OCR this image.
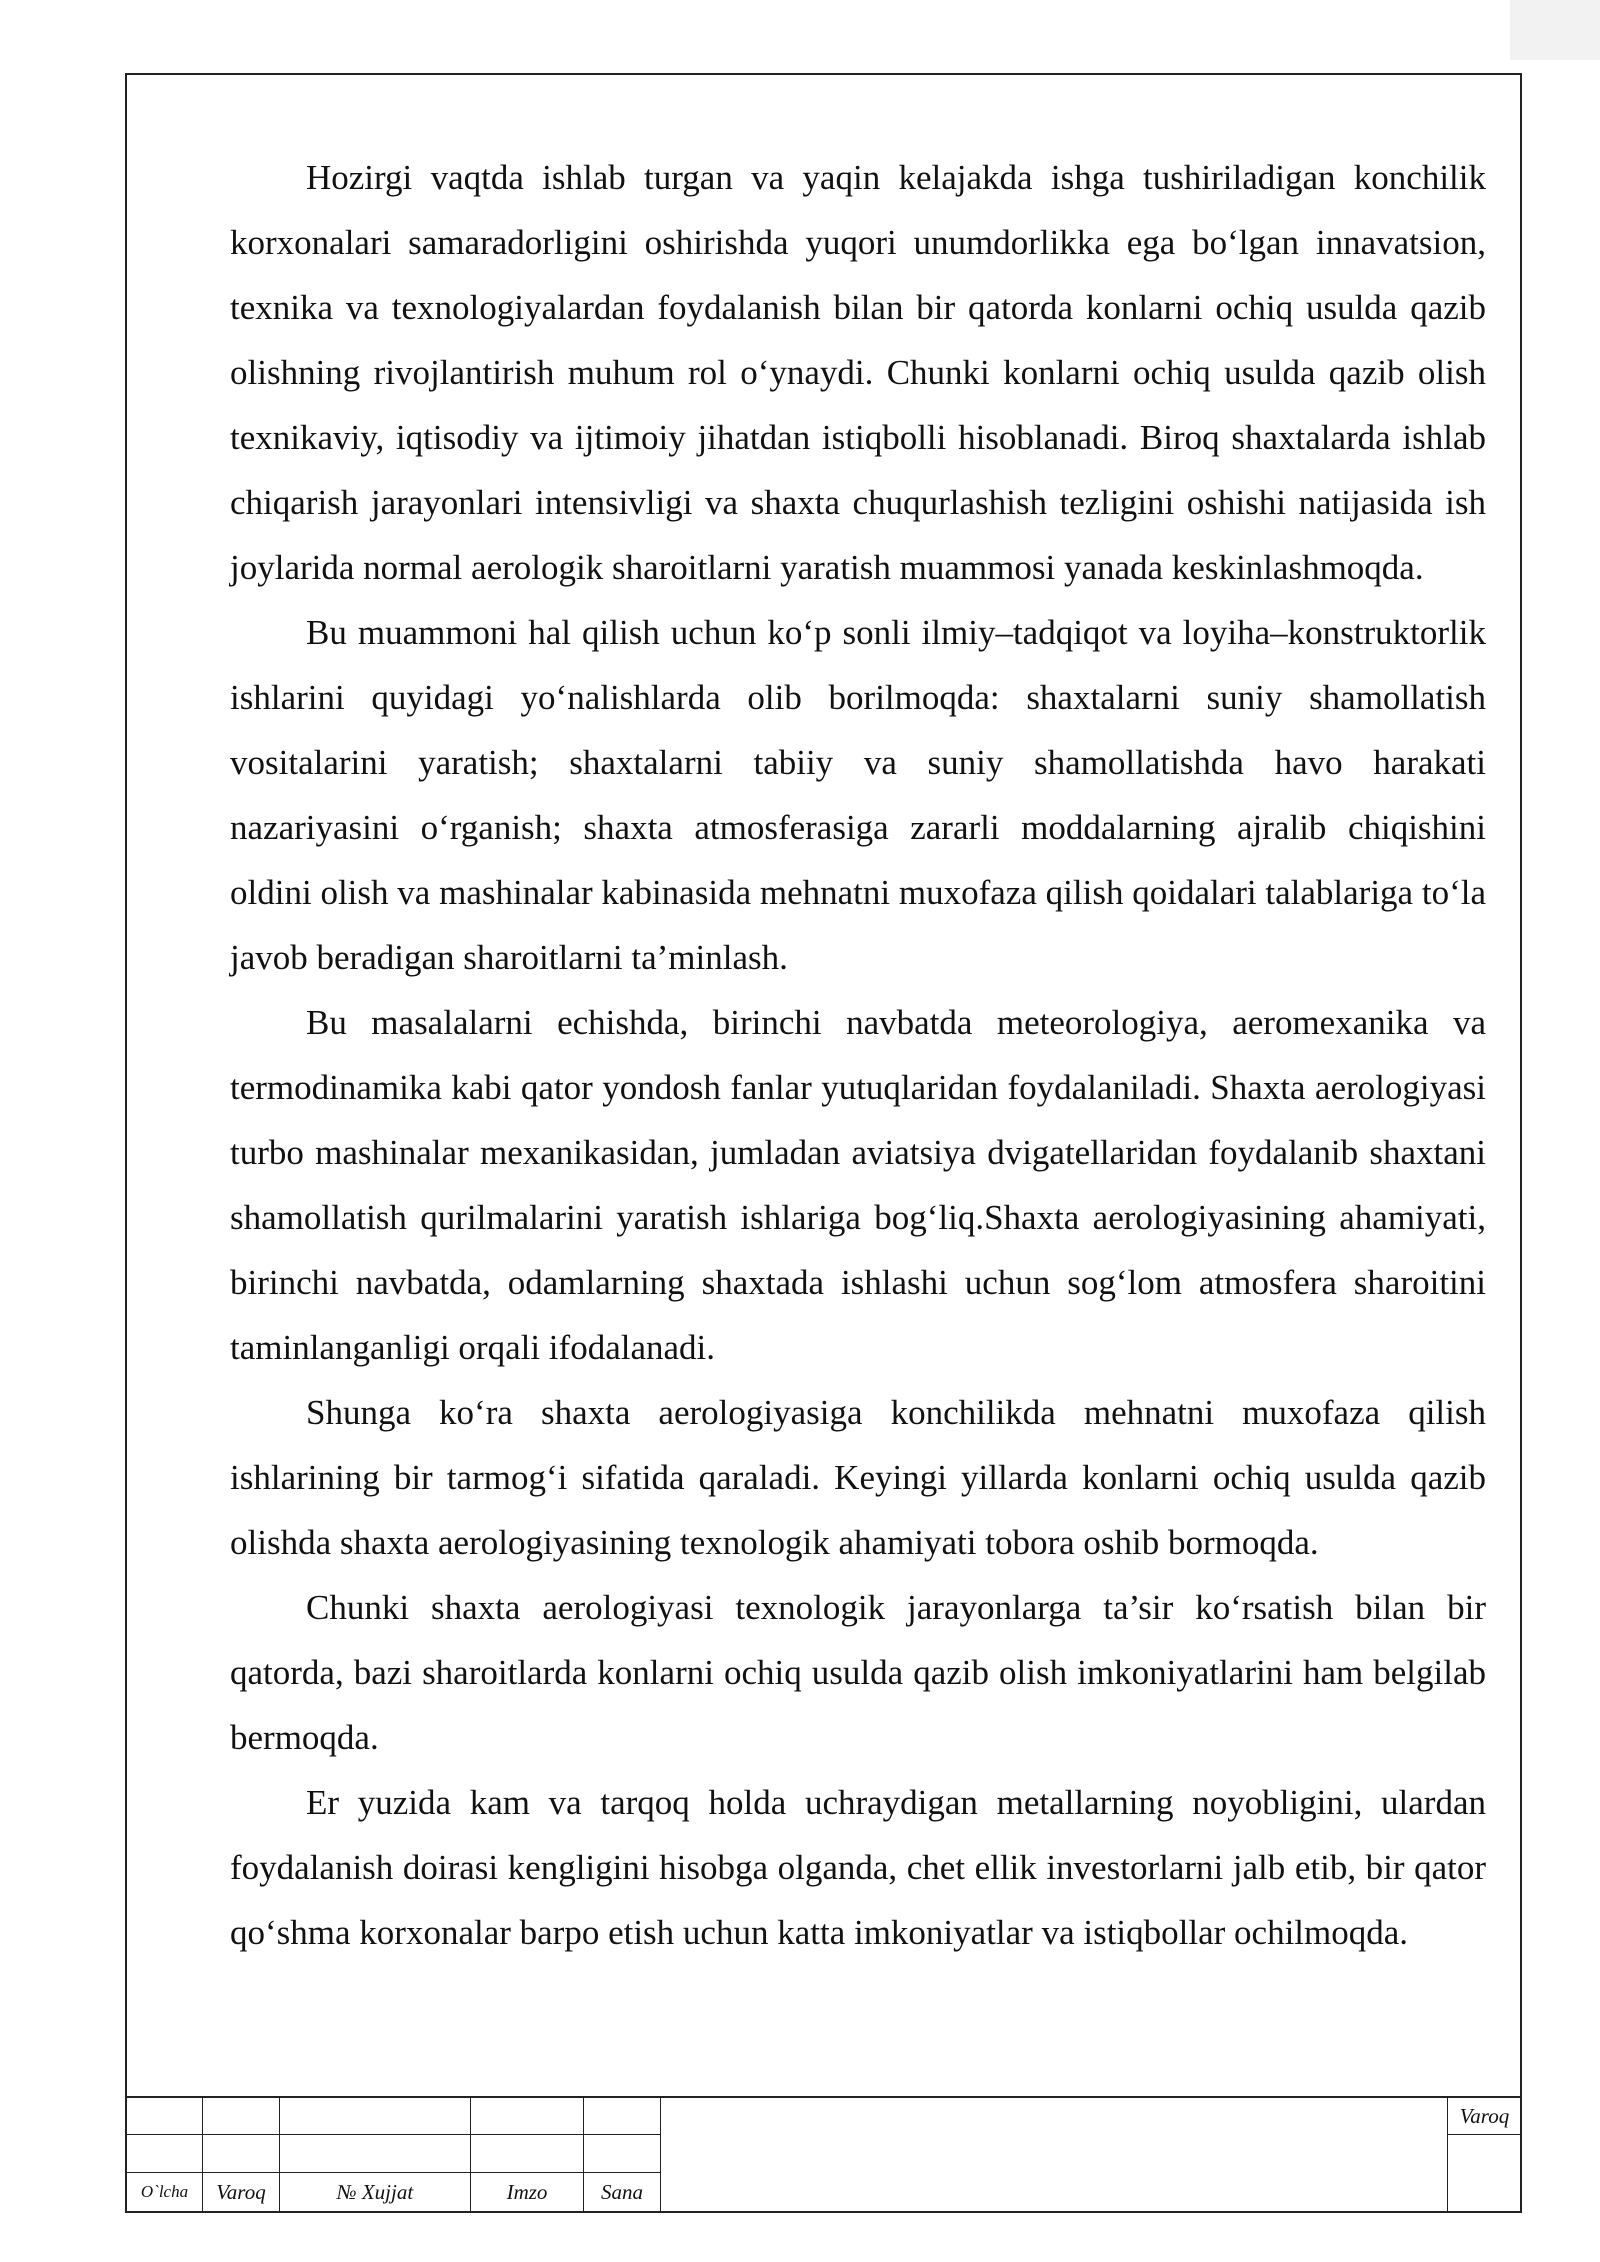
Hozirgi vaqtda ishlab turgan va yaqin kelajakda ishga tushiriladigan konchilik korxonalari samaradorligini oshirishda yuqori unumdorlikka ega bo‘lgan innavatsion, texnika va texnologiyalardan foydalanish bilan bir qatorda konlarni ochiq usulda qazib olishning rivojlantirish muhum rol o‘ynaydi. Chunki konlarni ochiq usulda qazib olish texnikaviy, iqtisodiy va ijtimoiy jihatdan istiqbolli hisoblanadi. Biroq shaxtalarda ishlab chiqarish jarayonlari intensivligi va shaxta chuqurlashish tezligini oshishi natijasida ish joylarida normal aerologik sharoitlarni yaratish muammosi yanada keskinlashmoqda.

Bu muammoni hal qilish uchun ko‘p sonli ilmiy–tadqiqot va loyiha–konstruktorlik ishlarini quyidagi yo‘nalishlarda olib borilmoqda: shaxtalarni suniy shamollatish vositalarini yaratish; shaxtalarni tabiiy va suniy shamollatishda havo harakati nazariyasini o‘rganish; shaxta atmosferasiga zararli moddalarning ajralib chiqishini oldini olish va mashinalar kabinasida mehnatni muxofaza qilish qoidalari talablariga to‘la javob beradigan sharoitlarni ta’minlash.

Bu masalalarni echishda, birinchi navbatda meteorologiya, aeromexanika va termodinamika kabi qator yondosh fanlar yutuqlaridan foydalaniladi. Shaxta aerologiyasi turbo mashinalar mexanikasidan, jumladan aviatsiya dvigatellaridan foydalanib shaxtani shamollatish qurilmalarini yaratish ishlariga bog‘liq.Shaxta aerologiyasining ahamiyati, birinchi navbatda, odamlarning shaxtada ishlashi uchun sog‘lom atmosfera sharoitini taminlanganligi orqali ifodalanadi.

Shunga ko‘ra shaxta aerologiyasiga konchilikda mehnatni muxofaza qilish ishlarining bir tarmog‘i sifatida qaraladi. Keyingi yillarda konlarni ochiq usulda qazib olishda shaxta aerologiyasining texnologik ahamiyati tobora oshib bormoqda.

Chunki shaxta aerologiyasi texnologik jarayonlarga ta’sir ko‘rsatish bilan bir qatorda, bazi sharoitlarda konlarni ochiq usulda qazib olish imkoniyatlarini ham belgilab bermoqda.

Er yuzida kam va tarqoq holda uchraydigan metallarning noyobligini, ulardan foydalanish doirasi kengligini hisobga olganda, chet ellik investorlarni jalb etib, bir qator qo‘shma korxonalar barpo etish uchun katta imkoniyatlar va istiqbollar ochilmoqda.

O`lcha	Varoq	№ Xujjat	Imzo	Sana
Varoq
